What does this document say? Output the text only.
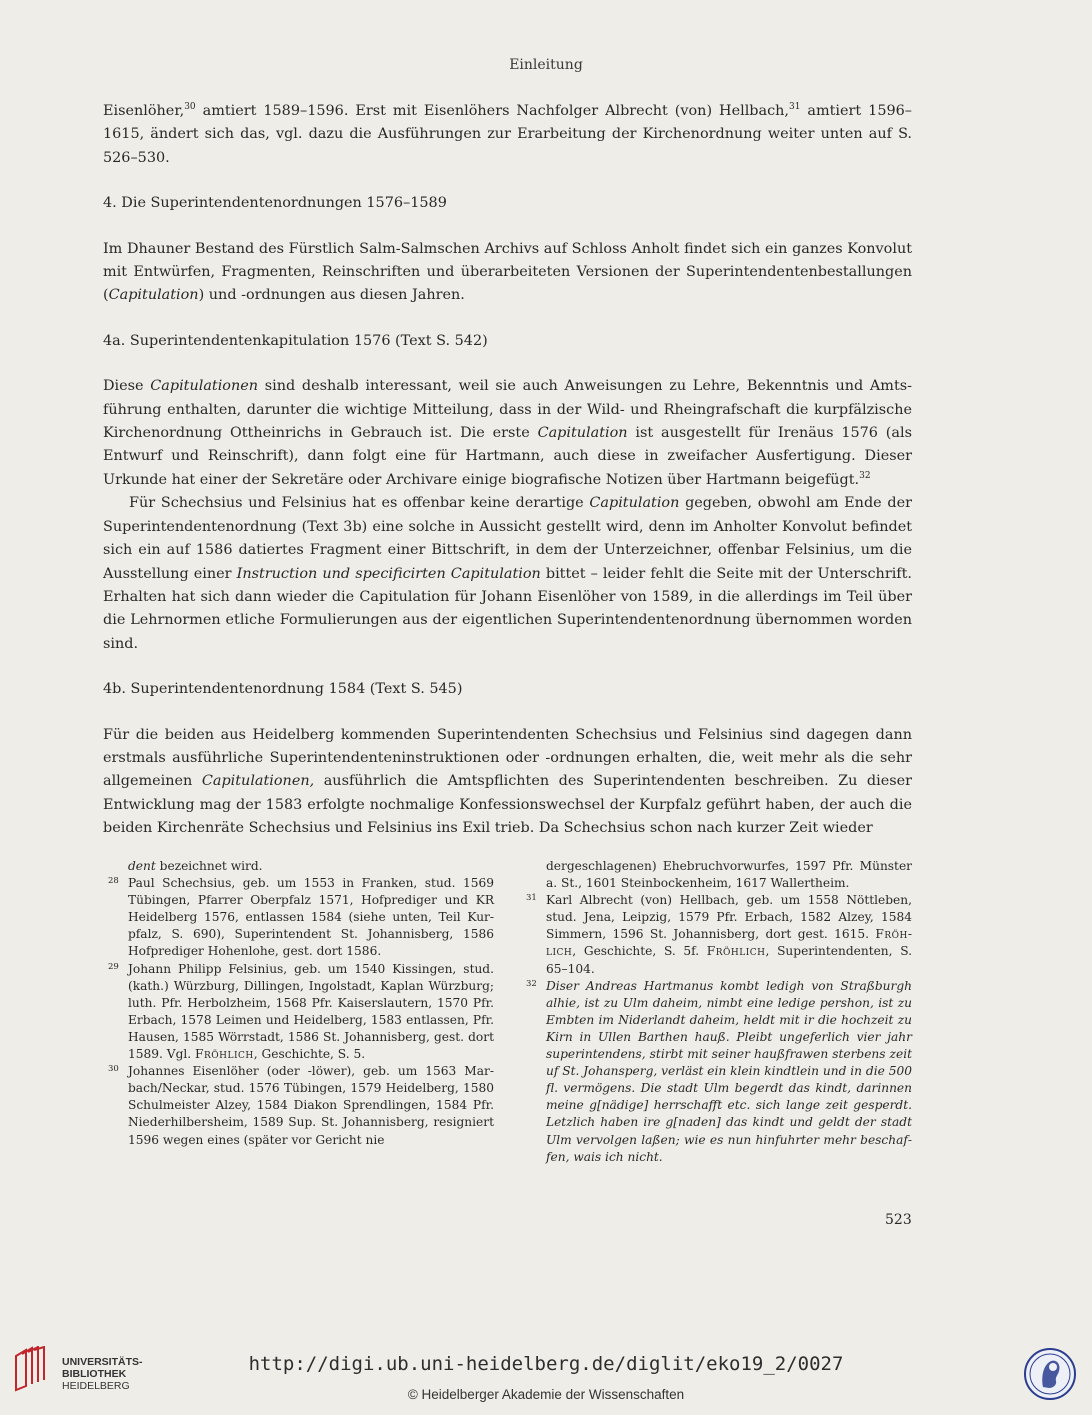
Einleitung

Eisenlöher,$^{30}$ amtiert 1589–1596. Erst mit Eisenlöhers Nachfolger Albrecht (von) Hellbach,$^{31}$ amtiert 1596–1615, ändert sich das, vgl. dazu die Ausführungen zur Erarbeitung der Kirchenordnung weiter unten auf S. 526–530.

4. Die Superintendentenordnungen 1576–1589

Im Dhauner Bestand des Fürstlich Salm-Salmschen Archivs auf Schloss Anholt findet sich ein ganzes Konvolut mit Entwürfen, Fragmenten, Reinschriften und überarbeiteten Versionen der Superintendentenbestallungen (Capitulation) und -ordnungen aus diesen Jahren.

4a. Superintendentenkapitulation 1576 (Text S. 542)

Diese Capitulationen sind deshalb interessant, weil sie auch Anweisungen zu Lehre, Bekenntnis und Amtsführung enthalten, darunter die wichtige Mitteilung, dass in der Wild- und Rheingrafschaft die kurpfälzische Kirchenordnung Ottheinrichs in Gebrauch ist. Die erste Capitulation ist ausgestellt für Irenäus 1576 (als Entwurf und Reinschrift), dann folgt eine für Hartmann, auch diese in zweifacher Ausfertigung. Dieser Urkunde hat einer der Sekretäre oder Archivare einige biografische Notizen über Hartmann beigefügt.$^{32}$

Für Schechsius und Felsinius hat es offenbar keine derartige Capitulation gegeben, obwohl am Ende der Superintendentenordnung (Text 3b) eine solche in Aussicht gestellt wird, denn im Anholter Konvolut befindet sich ein auf 1586 datiertes Fragment einer Bittschrift, in dem der Unterzeichner, offenbar Felsinius, um die Ausstellung einer Instruction und specificirten Capitulation bittet – leider fehlt die Seite mit der Unterschrift. Erhalten hat sich dann wieder die Capitulation für Johann Eisenlöher von 1589, in die allerdings im Teil über die Lehrnormen etliche Formulierungen aus der eigentlichen Superintendentenordnung übernommen worden sind.

4b. Superintendentenordnung 1584 (Text S. 545)

Für die beiden aus Heidelberg kommenden Superintendenten Schechsius und Felsinius sind dagegen dann erstmals ausführliche Superintendenteninstruktionen oder -ordnungen erhalten, die, weit mehr als die sehr allgemeinen Capitulationen, ausführlich die Amtspflichten des Superintendenten beschreiben. Zu dieser Entwicklung mag der 1583 erfolgte nochmalige Konfessionswechsel der Kurpfalz geführt haben, der auch die beiden Kirchenräte Schechsius und Felsinius ins Exil trieb. Da Schechsius schon nach kurzer Zeit wieder

dent bezeichnet wird.
28 Paul Schechsius, geb. um 1553 in Franken, stud. 1569 Tübingen, Pfarrer Oberpfalz 1571, Hofprediger und KR Heidelberg 1576, entlassen 1584 (siehe unten, Teil Kurpfalz, S. 690), Superintendent St. Johannisberg, 1586 Hofprediger Hohenlohe, gest. dort 1586.
29 Johann Philipp Felsinius, geb. um 1540 Kissingen, stud. (kath.) Würzburg, Dillingen, Ingolstadt, Kaplan Würzburg; luth. Pfr. Herbolzheim, 1568 Pfr. Kaiserslautern, 1570 Pfr. Erbach, 1578 Leimen und Heidelberg, 1583 entlassen, Pfr. Hausen, 1585 Wörrstadt, 1586 St. Johannisberg, gest. dort 1589. Vgl. Fröhlich, Geschichte, S. 5.
30 Johannes Eisenlöher (oder -löwer), geb. um 1563 Marbach/Neckar, stud. 1576 Tübingen, 1579 Heidelberg, 1580 Schulmeister Alzey, 1584 Diakon Sprendlingen, 1584 Pfr. Niederhilbersheim, 1589 Sup. St. Johannisberg, resigniert 1596 wegen eines (später vor Gericht nie
dergeschlagenen) Ehebruchvorwurfes, 1597 Pfr. Münster a. St., 1601 Steinbockenheim, 1617 Wallertheim.
31 Karl Albrecht (von) Hellbach, geb. um 1558 Nöttleben, stud. Jena, Leipzig, 1579 Pfr. Erbach, 1582 Alzey, 1584 Simmern, 1596 St. Johannisberg, dort gest. 1615. Fröhlich, Geschichte, S. 5f. Fröhlich, Superintendenten, S. 65–104.
32 Diser Andreas Hartmanus kombt ledigh von Straßburgh alhie, ist zu Ulm daheim, nimbt eine ledige pershon, ist zu Embten im Niderlandt daheim, heldt mit ir die hochzeit zu Kirn in Ullen Barthen hauß. Pleibt ungeferlich vier jahr superintendens, stirbt mit seiner haußfrawen sterbens zeit uf St. Johansperg, verläst ein klein kindtlein und in die 500 fl. vermögens. Die stadt Ulm begerdt das kindt, darinnen meine g[nädige] herrschafft etc. sich lange zeit gesperdt. Letzlich haben ire g[naden] das kindt und geldt der stadt Ulm vervolgen laßen; wie es nun hinfuhrter mehr beschaffen, wais ich nicht.
523
UNIVERSITÄTS-
BIBLIOTHEK
HEIDELBERG
http://digi.ub.uni-heidelberg.de/diglit/eko19_2/0027
© Heidelberger Akademie der Wissenschaften
